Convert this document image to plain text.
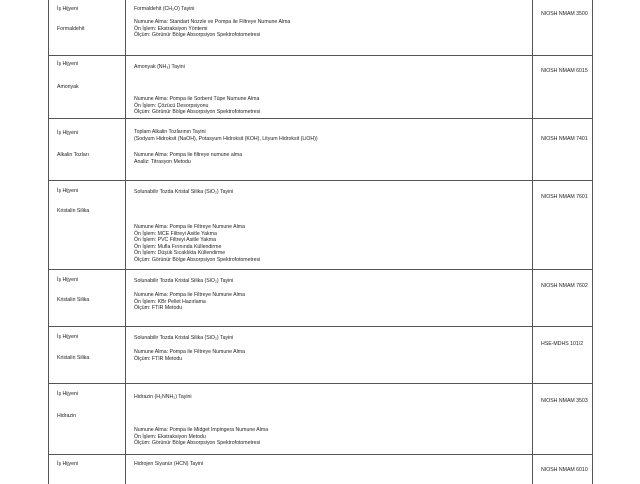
İş Hijyeni
Formaldehit
Formaldehit (CH₂O) Tayini
Numune Alma: Standart Nozzle ve Pompa ile Filtreye Numune Alma
Ön İşlem: Ekstraksiyon Yöntemi
Ölçüm: Görünür Bölge Absorpsiyon Spektrofotometresi
NIOSH NMAM 3500
İş Hijyeni
Amonyak
Amonyak (NH₃) Tayini
Numune Alma: Pompa ile Sorbent Tüpe Numune Alma
Ön İşlem: Çözücü Desorpsiyonu
Ölçüm: Görünür Bölge Absorpsiyon Spektrofotometresi
NIOSH NMAM 6015
İş Hijyeni
Alkalin Tozları
Toplam Alkalin Tozlarının Tayini
(Sodyum Hidroksit (NaOH), Potasyum Hidroksit (KOH), Lityum Hidroksit (LiOH))
Numune Alma: Pompa ile filtreye numune alma
Analiz: Titrasyon Metodu
NIOSH NMAM 7401
İş Hijyeni
Kristalin Silika
Solunabilir Tozda Kristal Silika (SiO₂) Tayini
Numune Alma: Pompa ile Filtreye Numune Alma
Ön İşlem: MCE Filtreyi Asitle Yakma
Ön İşlem: PVC Filtreyi Asitle Yakma
Ön İşlem: Mufla Fırınında Küllendirme
Ön İşlem: Düşük Sıcaklıkta Küllendirme
Ölçüm: Görünür Bölge Absorpsiyon Spektrofotometresi
NIOSH NMAM 7601
İş Hijyeni
Kristalin Silika
Solunabilir Tozda Kristal Silika (SiO₂) Tayini
Numune Alma: Pompa ile Filtreye Numune Alma
Ön İşlem: KBr Pellet Hazırlama
Ölçüm: FTIR Metodu
NIOSH NMAM 7602
İş Hijyeni
Kristalin Silika
Solunabilir Tozda Kristal Silika (SiO₂) Tayini
Numune Alma: Pompa ile Filtreye Numune Alma
Ölçüm: FTIR Metodu
HSE-MDHS 101/2
İş Hijyeni
Hidrazin
Hidrazin (H₂NNH₂) Tayini
Numune Alma: Pompa ile Midget Impingera Numune Alma
Ön İşlem: Ekstraksiyon Metodu
Ölçüm: Görünür Bölge Absorpsiyon Spektrofotometresi
NIOSH NMAM 3503
İş Hijyeni	Hidrojen Siyanür (HCN) Tayini
NIOSH NMAM 6010
